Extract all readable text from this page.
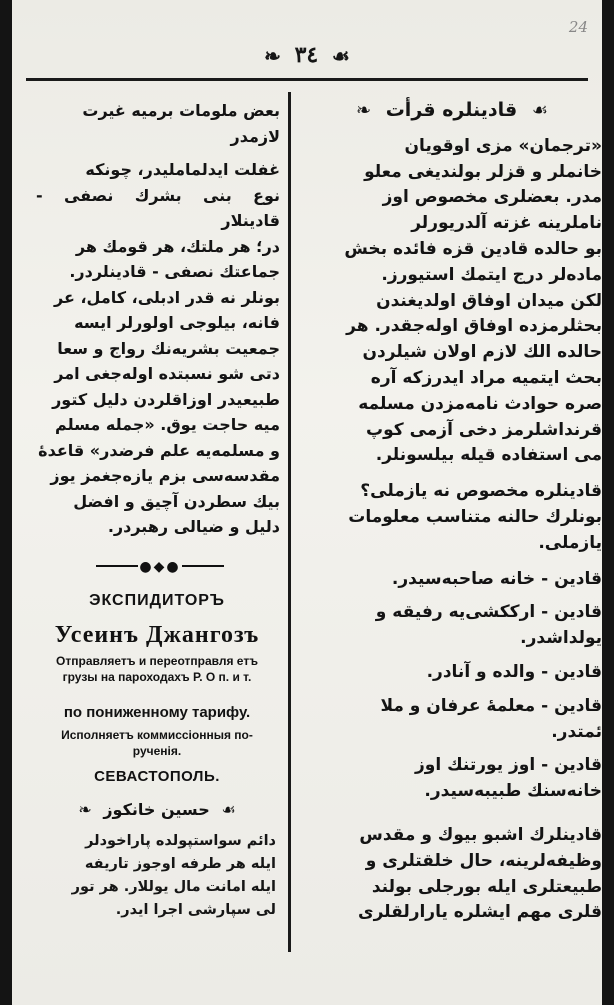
24
☙ ٣٤ ❧

بعض ملومات برمیه غیرت

لازمدر

غفلت ایدلماملیدر، چونکه

نوع بنی بشرك نصفی - قادینلار

در؛ هر ملتك، هر قومك هر

جماعتك نصفی - قادینلردر.

بونلر نه قدر ادبلی، کامل، عر

فانه، بیلوجی اولورلر ایسه

جمعیت بشریه‌نك رواج و سعا

دتی شو نسبتده اوله‌جغی امر

طبیعیدر اوزاقلردن دلیل کتور

میه حاجت یوق. «جمله مسلم

و مسلمه‌یه علم فرضدر» قاعدهٔ

مقدسه‌سی بزم یازه‌جغمز یوز

بیك سطردن آچیق و افضل

دلیل و ضیالی رهبردر.

●◆●
ЭКСПИДИТОРЪ
Усеинъ Джангозъ
Отправляетъ и переотправля етъ грузы на пароходахъ Р. О п. и т.
по пониженному тарифу.
Исполняетъ коммиссіонныя по-рученія.
СЕВАСТОПОЛЬ.
☙ حسین خانکوز ❧

دائم سواستپولده پاراخودلر

ایله هر طرفه اوجوز تاریفه

ایله امانت مال یوللار. هر تور

لی سپارشی اجرا ایدر.

☙ قادینلره قرأت ❧

«ترجمان» مزی اوقویان

خانملر و قزلر بولندیغی معلو

مدر. بعضلری مخصوص اوز

ناملرینه غزته آلدریورلر

بو حالده قادین قزه فائده بخش

ماده‌لر درج ایتمك استیورز.

لکن میدان اوفاق اولدیغندن

بحثلرمزده اوفاق اوله‌جقدر. هر

حالده الك لازم اولان شیلردن

بحث ایتمیه مراد ایدرزکه آره

صره حوادث نامه‌مزدن مسلمه

قرنداشلرمز دخی آزمی کوپ

می استفاده قیله بیلسونلر.

قادینلره مخصوص نه یازملی؟

بونلرك حالنه متناسب معلومات

یازملی.

قادین - خانه صاحبه‌سیدر.

قادین - ارککشی‌یه رفیقه و

یولداشدر.

قادین - والده و آنادر.

قادین - معلمهٔ عرفان و ملا

ئمتدر.

قادین - اوز یورتنك اوز

خانه‌سنك طبیبه‌سیدر.

قادینلرك اشبو بیوك و مقدس

وظیفه‌لرینه، حال خلقتلری و

طبیعتلری ایله بورجلی بولند

قلری مهم ایشلره یارارلقلری
